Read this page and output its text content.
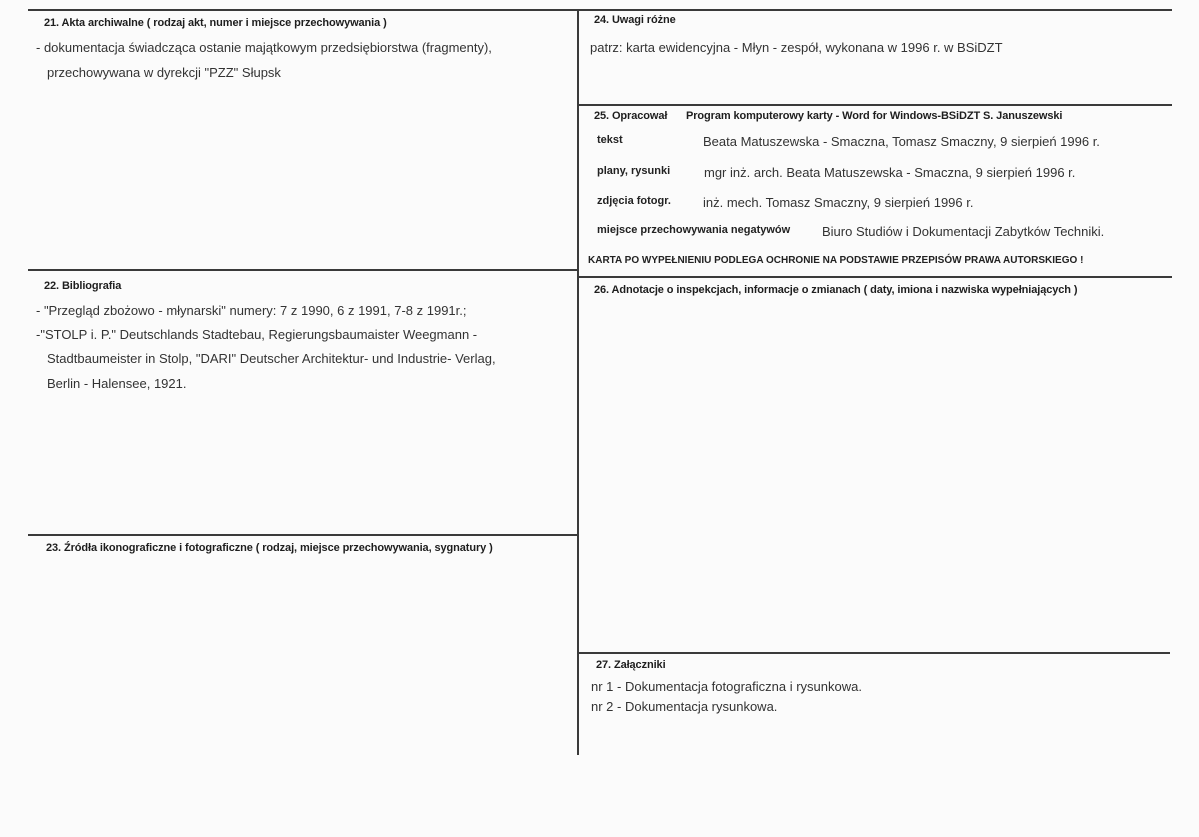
21. Akta archiwalne ( rodzaj akt, numer i miejsce przechowywania )
- dokumentacja świadcząca ostanie majątkowym przedsiębiorstwa (fragmenty),
przechowywana w dyrekcji "PZZ" Słupsk
22. Bibliografia
- "Przegląd zbożowo - młynarski" numery: 7 z 1990, 6 z 1991, 7-8 z 1991r.;
-"STOLP i. P." Deutschlands Stadtebau, Regierungsbaumaister Weegmann -
Stadtbaumeister in Stolp, "DARI" Deutscher Architektur- und Industrie- Verlag,
Berlin - Halensee, 1921.
23. Źródła ikonograficzne i fotograficzne ( rodzaj, miejsce przechowywania, sygnatury )
24. Uwagi różne
patrz: karta ewidencyjna - Młyn - zespół, wykonana w 1996 r. w BSiDZT
25. Opracował Program komputerowy karty - Word for Windows-BSiDZT S. Januszewski
tekst	Beata Matuszewska - Smaczna, Tomasz Smaczny, 9 sierpień 1996 r.
plany, rysunki	mgr inż. arch. Beata Matuszewska - Smaczna, 9 sierpień 1996 r.
zdjęcia fotogr. inż. mech. Tomasz Smaczny, 9 sierpień 1996 r.
miejsce przechowywania negatywów Biuro Studiów i Dokumentacji Zabytków Techniki.
KARTA PO WYPEŁNIENIU PODLEGA OCHRONIE NA PODSTAWIE PRZEPISÓW PRAWA AUTORSKIEGO !
26. Adnotacje o inspekcjach, informacje o zmianach ( daty, imiona i nazwiska wypełniających )
27. Załączniki
nr 1 - Dokumentacja fotograficzna i rysunkowa.
nr 2 - Dokumentacja rysunkowa.
